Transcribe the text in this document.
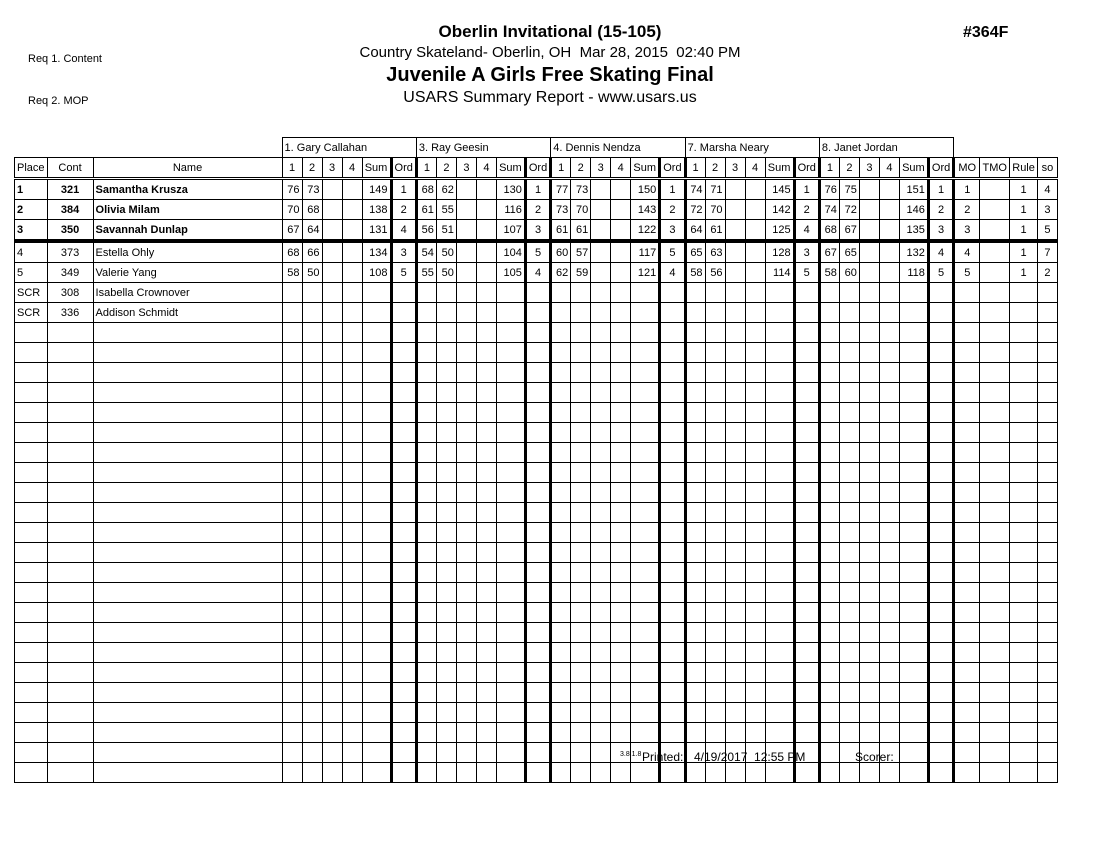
Req 1. Content

Req 2. MOP

#364F
Oberlin Invitational (15-105)
Country Skateland- Oberlin, OH  Mar 28, 2015  02:40 PM
Juvenile A Girls Free Skating Final
USARS Summary Report - www.usars.us
			1. Gary Callahan						3. Ray Geesin						4. Dennis Nendza						7. Marsha Neary						8. Janet Jordan									
Place	Cont	Name	1	2	3	4	Sum	Ord	1	2	3	4	Sum	Ord	1	2	3	4	Sum	Ord	1	2	3	4	Sum	Ord	1	2	3	4	Sum	Ord	MO	TMO	Rule	so
1	321	Samantha Krusza	76	73			149	1	68	62			130	1	77	73			150	1	74	71			145	1	76	75			151	1	1		1	4
2	384	Olivia Milam	70	68			138	2	61	55			116	2	73	70			143	2	72	70			142	2	74	72			146	2	2		1	3
3	350	Savannah Dunlap	67	64			131	4	56	51			107	3	61	61			122	3	64	61			125	4	68	67			135	3	3		1	5
4	373	Estella Ohly	68	66			134	3	54	50			104	5	60	57			117	5	65	63			128	3	67	65			132	4	4		1	7
5	349	Valerie Yang	58	50			108	5	55	50			105	4	62	59			121	4	58	56			114	5	58	60			118	5	5		1	2
SCR	308	Isabella Crownover																																		
SCR	336	Addison Schmidt																																		

3.8.1.8 Printed: 4/19/2017  12:55 PM	Scorer:
